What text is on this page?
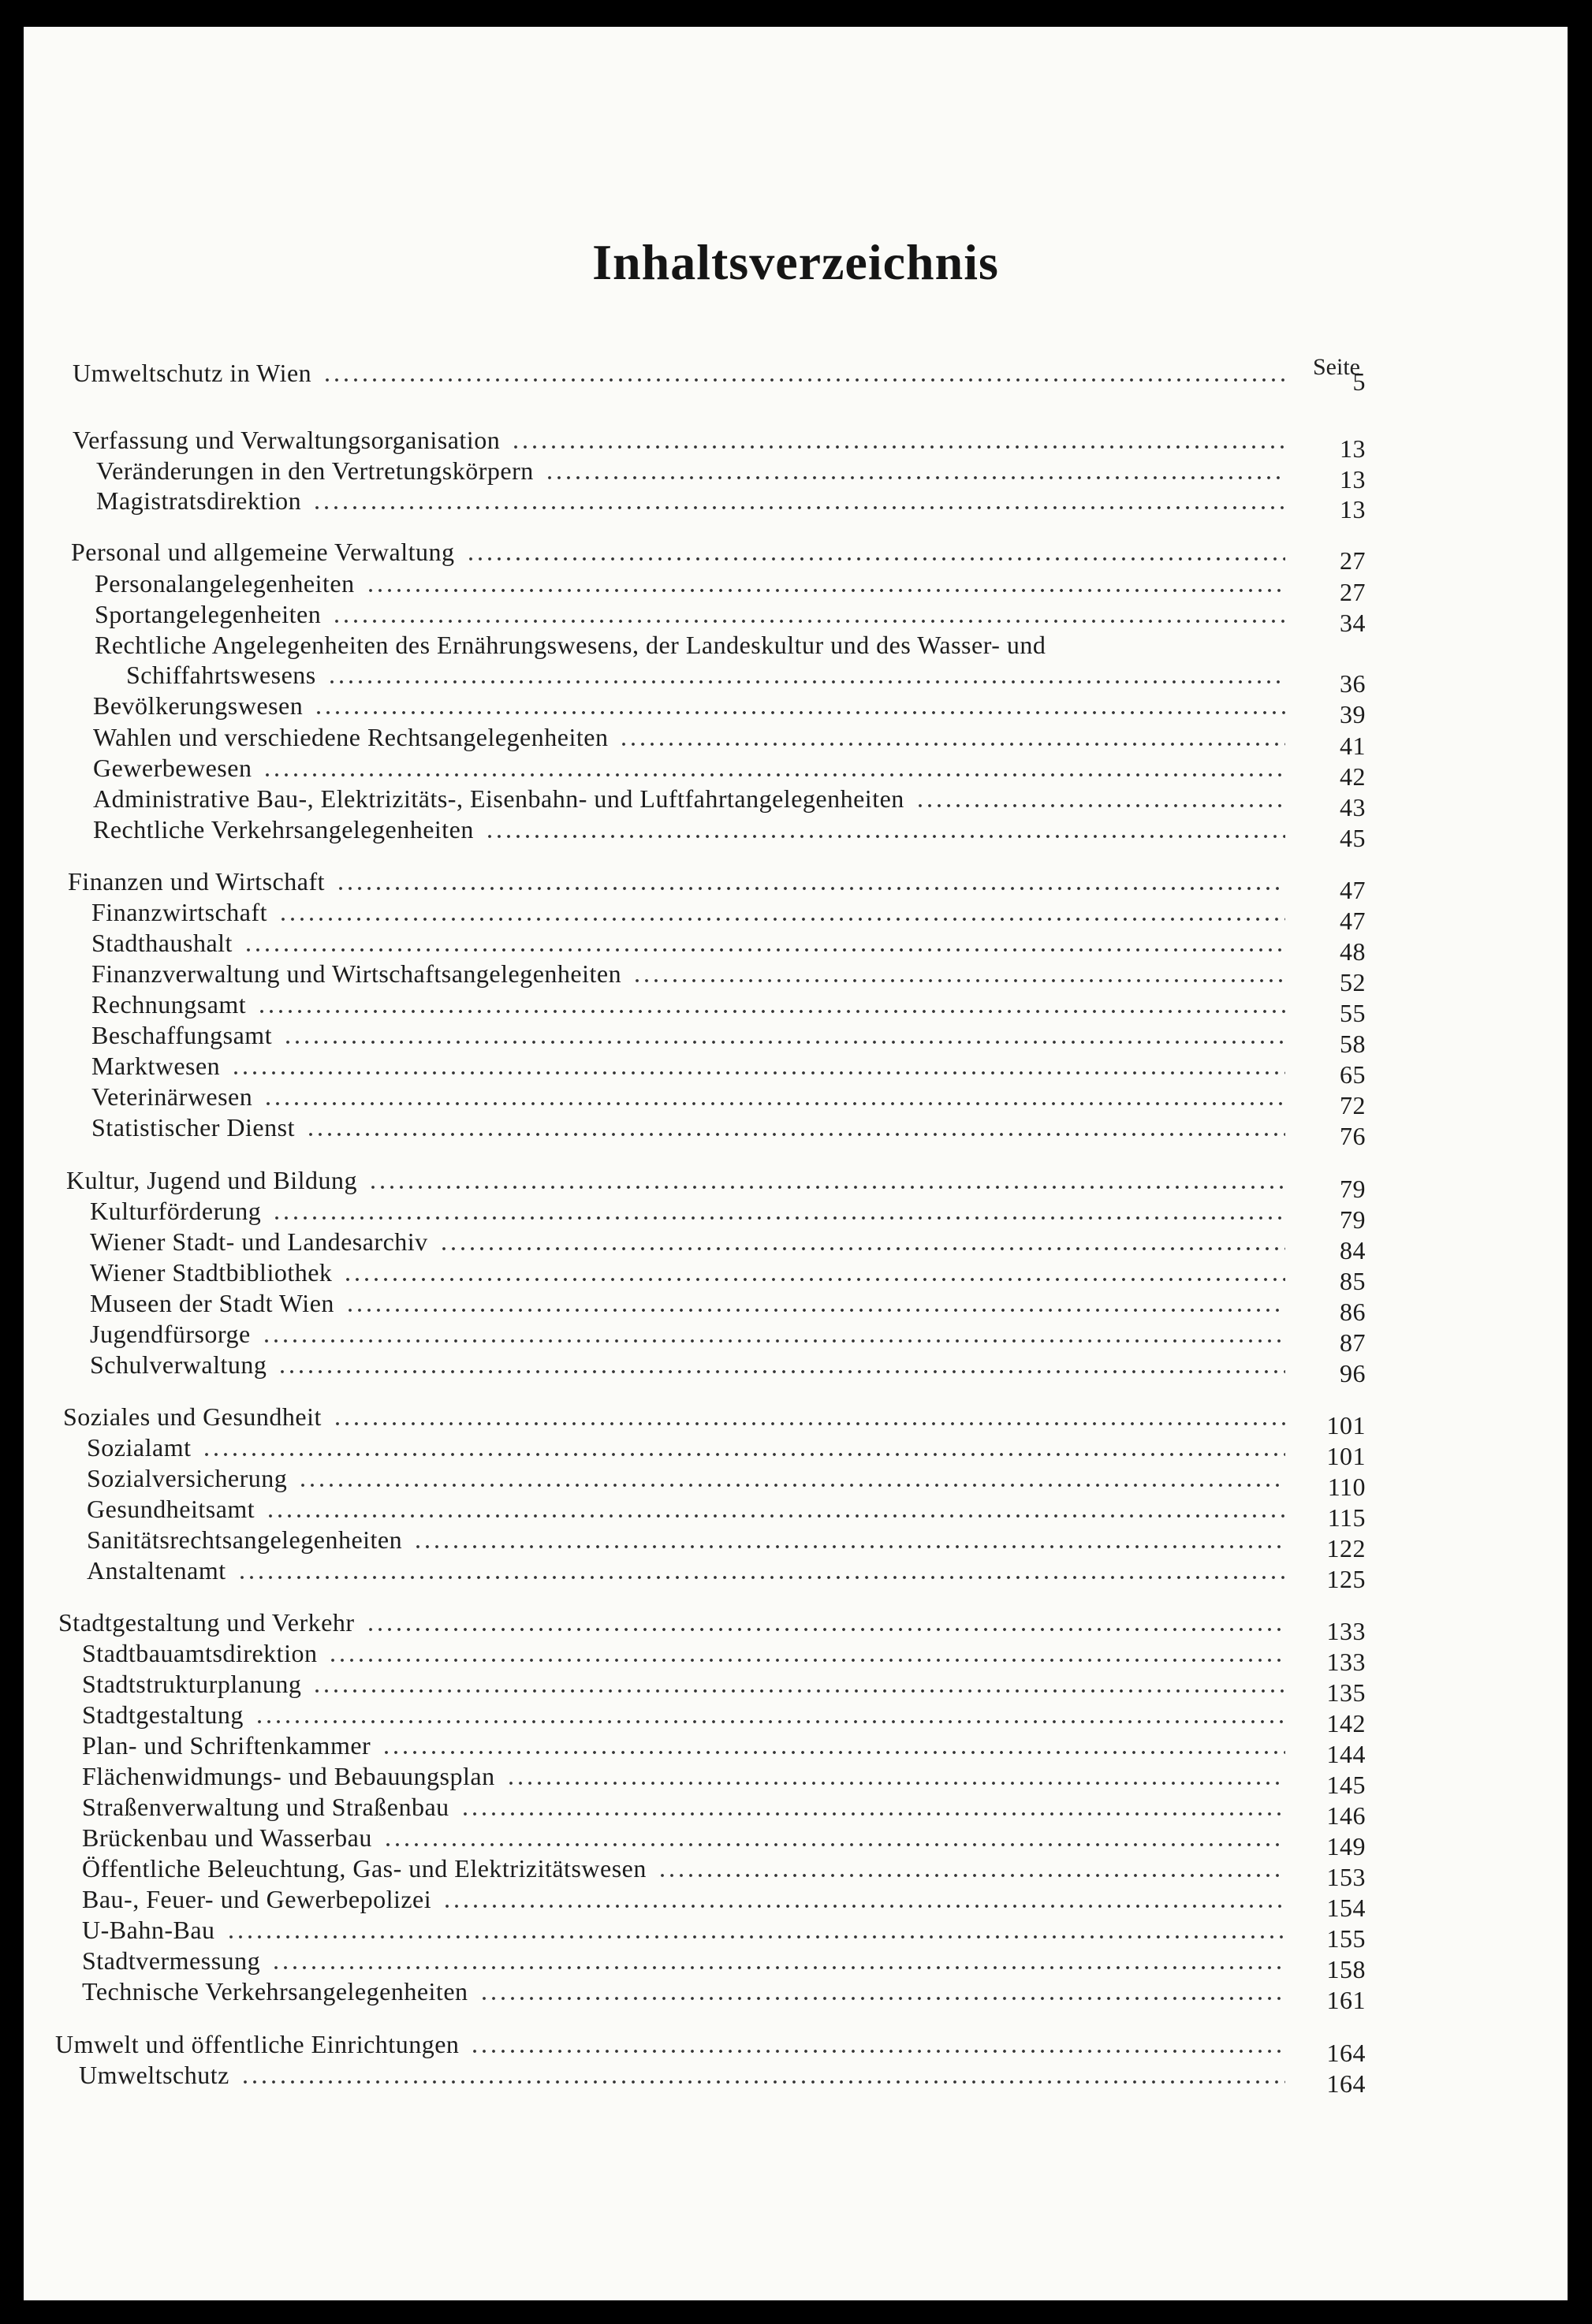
Inhaltsverzeichnis
Seite
Umweltschutz in Wien	5
Verfassung und Verwaltungsorganisation	13
Veränderungen in den Vertretungskörpern	13
Magistratsdirektion	13
Personal und allgemeine Verwaltung	27
Personalangelegenheiten	27
Sportangelegenheiten	34
Rechtliche Angelegenheiten des Ernährungswesens, der Landeskultur und des Wasser- und
Schiffahrtswesens	36
Bevölkerungswesen	39
Wahlen und verschiedene Rechtsangelegenheiten	41
Gewerbewesen	42
Administrative Bau-, Elektrizitäts-, Eisenbahn- und Luftfahrtangelegenheiten	43
Rechtliche Verkehrsangelegenheiten	45
Finanzen und Wirtschaft	47
Finanzwirtschaft	47
Stadthaushalt	48
Finanzverwaltung und Wirtschaftsangelegenheiten	52
Rechnungsamt	55
Beschaffungsamt	58
Marktwesen	65
Veterinärwesen	72
Statistischer Dienst	76
Kultur, Jugend und Bildung	79
Kulturförderung	79
Wiener Stadt- und Landesarchiv	84
Wiener Stadtbibliothek	85
Museen der Stadt Wien	86
Jugendfürsorge	87
Schulverwaltung	96
Soziales und Gesundheit	101
Sozialamt	101
Sozialversicherung	110
Gesundheitsamt	115
Sanitätsrechtsangelegenheiten	122
Anstaltenamt	125
Stadtgestaltung und Verkehr	133
Stadtbauamtsdirektion	133
Stadtstrukturplanung	135
Stadtgestaltung	142
Plan- und Schriftenkammer	144
Flächenwidmungs- und Bebauungsplan	145
Straßenverwaltung und Straßenbau	146
Brückenbau und Wasserbau	149
Öffentliche Beleuchtung, Gas- und Elektrizitätswesen	153
Bau-, Feuer- und Gewerbepolizei	154
U-Bahn-Bau	155
Stadtvermessung	158
Technische Verkehrsangelegenheiten	161
Umwelt und öffentliche Einrichtungen	164
Umweltschutz	164
